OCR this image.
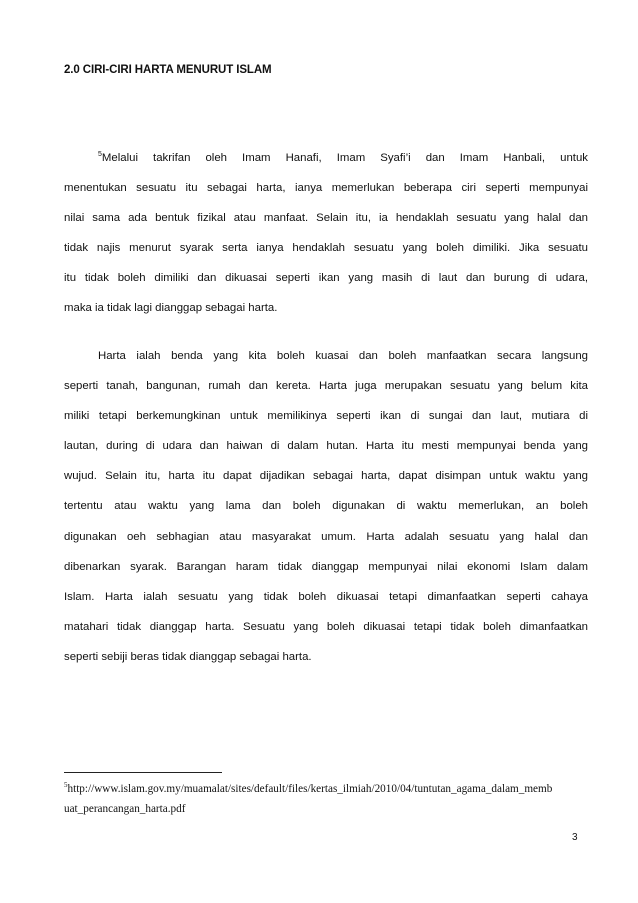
2.0 CIRI-CIRI HARTA MENURUT ISLAM
$^5$Melalui takrifan oleh Imam Hanafi, Imam Syafi’i dan Imam Hanbali, untuk
menentukan sesuatu itu sebagai harta, ianya memerlukan beberapa ciri seperti mempunyai
nilai sama ada bentuk fizikal atau manfaat. Selain itu, ia hendaklah sesuatu yang halal dan
tidak najis menurut syarak serta ianya hendaklah sesuatu yang boleh dimiliki. Jika sesuatu
itu tidak boleh dimiliki dan dikuasai seperti ikan yang masih di laut dan burung di udara,
maka ia tidak lagi dianggap sebagai harta.
Harta ialah benda yang kita boleh kuasai dan boleh manfaatkan secara langsung
seperti tanah, bangunan, rumah dan kereta. Harta juga merupakan sesuatu yang belum kita
miliki tetapi berkemungkinan untuk memilikinya seperti ikan di sungai dan laut, mutiara di
lautan, during di udara dan haiwan di dalam hutan. Harta itu mesti mempunyai benda yang
wujud. Selain itu, harta itu dapat dijadikan sebagai harta, dapat disimpan untuk waktu yang
tertentu atau waktu yang lama dan boleh digunakan di waktu memerlukan, an boleh
digunakan oeh sebhagian atau masyarakat umum. Harta adalah sesuatu yang halal dan
dibenarkan syarak. Barangan haram tidak dianggap mempunyai nilai ekonomi Islam dalam
Islam. Harta ialah sesuatu yang tidak boleh dikuasai tetapi dimanfaatkan seperti cahaya
matahari tidak dianggap harta. Sesuatu yang boleh dikuasai tetapi tidak boleh dimanfaatkan
seperti sebiji beras tidak dianggap sebagai harta.
$^5$http://www.islam.gov.my/muamalat/sites/default/files/kertas_ilmiah/2010/04/tuntutan_agama_dalam_memb
uat_perancangan_harta.pdf
3
